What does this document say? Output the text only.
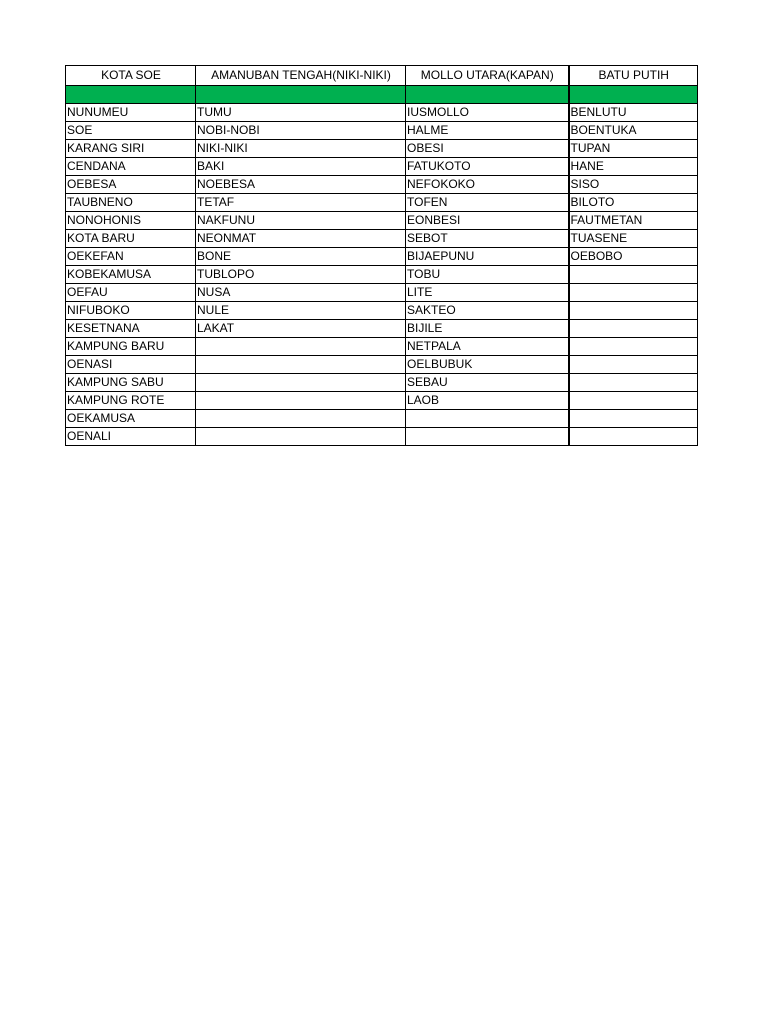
KOTA SOE	AMANUBAN TENGAH(NIKI-NIKI)	MOLLO UTARA(KAPAN)	BATU PUTIH

NUNUMEU	TUMU	IUSMOLLO	BENLUTU
SOE	NOBI-NOBI	HALME	BOENTUKA
KARANG SIRI	NIKI-NIKI	OBESI	TUPAN
CENDANA	BAKI	FATUKOTO	HANE
OEBESA	NOEBESA	NEFOKOKO	SISO
TAUBNENO	TETAF	TOFEN	BILOTO
NONOHONIS	NAKFUNU	EONBESI	FAUTMETAN
KOTA BARU	NEONMAT	SEBOT	TUASENE
OEKEFAN	BONE	BIJAEPUNU	OEBOBO
KOBEKAMUSA	TUBLOPO	TOBU	
OEFAU	NUSA	LITE	
NIFUBOKO	NULE	SAKTEO	
KESETNANA	LAKAT	BIJILE	
KAMPUNG BARU		NETPALA	
OENASI		OELBUBUK	
KAMPUNG SABU		SEBAU	
KAMPUNG ROTE		LAOB	
OEKAMUSA			
OENALI			
